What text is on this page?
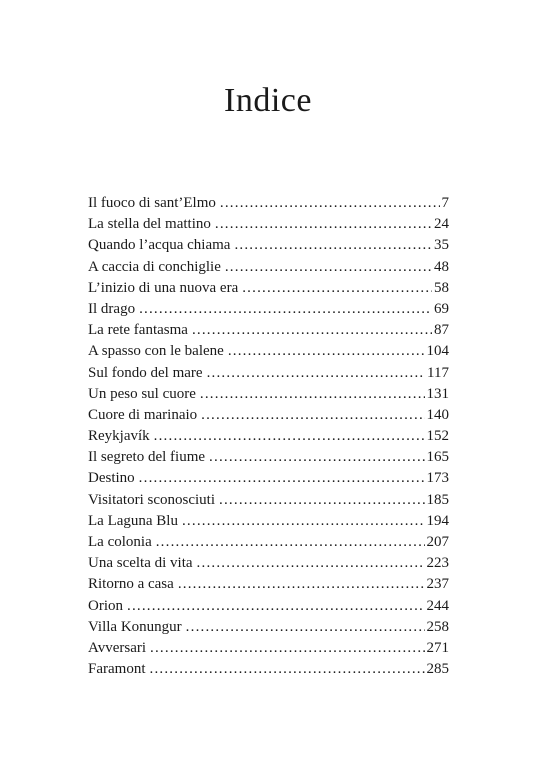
Indice
Il fuoco di sant’Elmo .....	7
La stella del mattino .....	24
Quando l’acqua chiama .....	35
A caccia di conchiglie .....	48
L’inizio di una nuova era .....	58
Il drago .....	69
La rete fantasma .....	87
A spasso con le balene .....	104
Sul fondo del mare .....	117
Un peso sul cuore .....	131
Cuore di marinaio .....	140
Reykjavík .....	152
Il segreto del fiume .....	165
Destino .....	173
Visitatori sconosciuti .....	185
La Laguna Blu .....	194
La colonia .....	207
Una scelta di vita .....	223
Ritorno a casa .....	237
Orion .....	244
Villa Konungur .....	258
Avversari .....	271
Faramont .....	285
